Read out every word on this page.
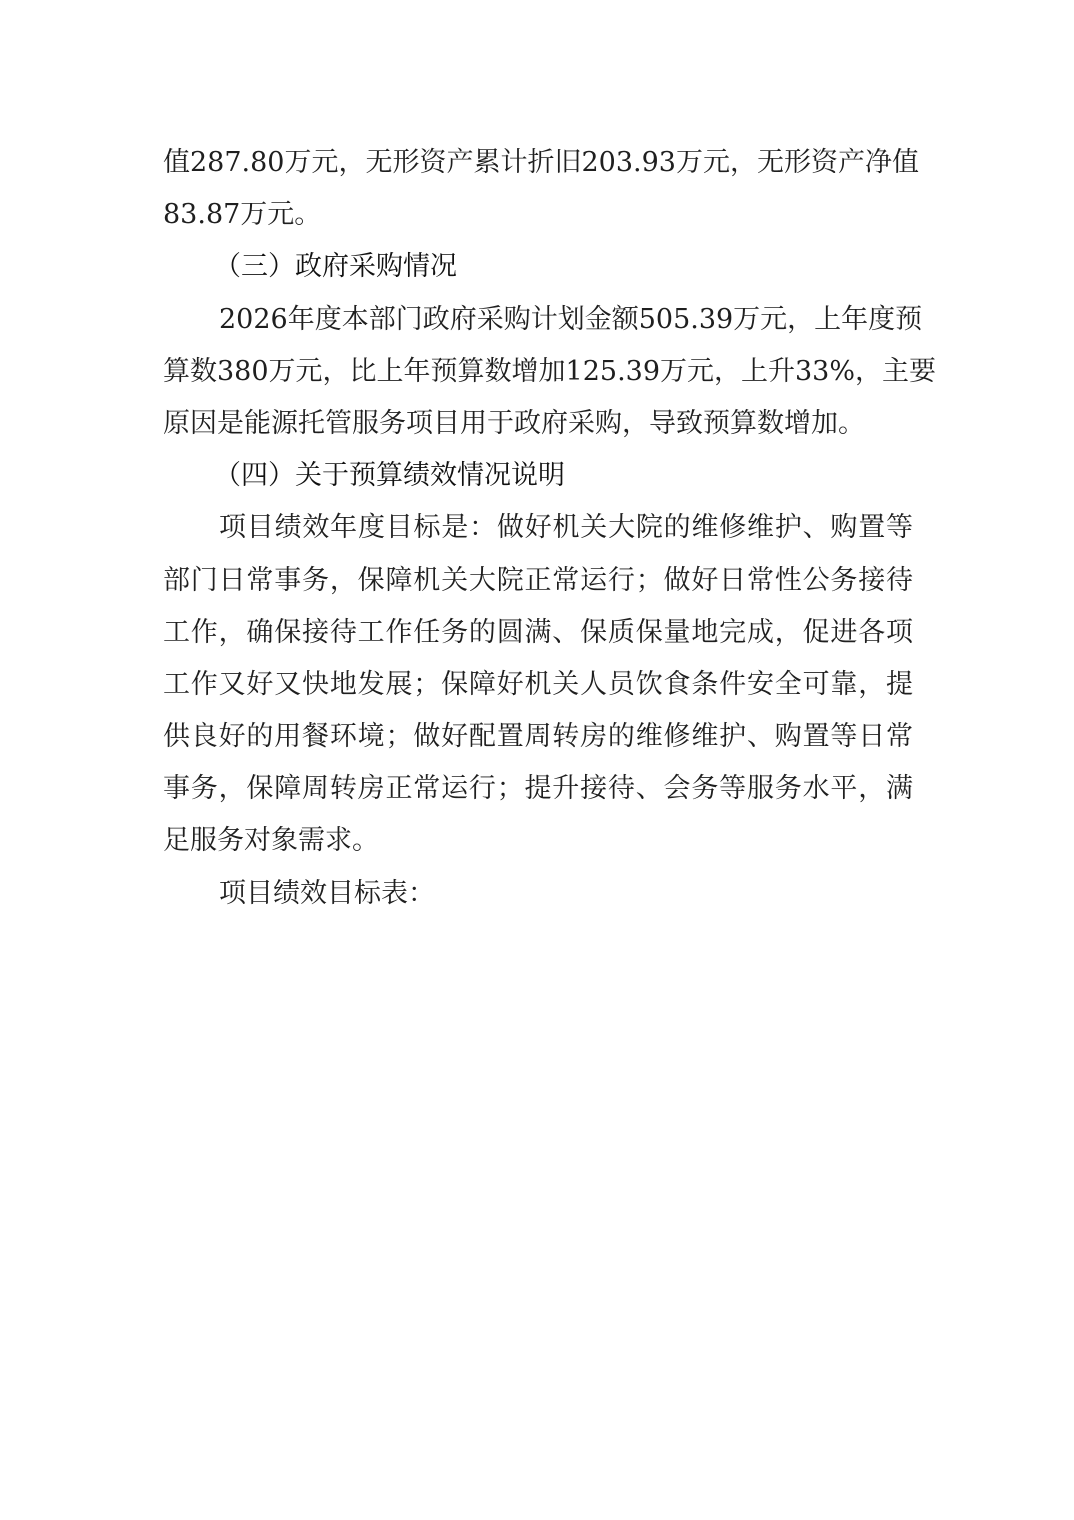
值287.80万元，无形资产累计折旧203.93万元，无形资产净值
83.87万元。
（三）政府采购情况
2026年度本部门政府采购计划金额505.39万元，上年度预
算数380万元，比上年预算数增加125.39万元，上升33%，主要
原因是能源托管服务项目用于政府采购，导致预算数增加。
（四）关于预算绩效情况说明
项目绩效年度目标是：做好机关大院的维修维护、购置等
部门日常事务，保障机关大院正常运行；做好日常性公务接待
工作，确保接待工作任务的圆满、保质保量地完成，促进各项
工作又好又快地发展；保障好机关人员饮食条件安全可靠，提
供良好的用餐环境；做好配置周转房的维修维护、购置等日常
事务，保障周转房正常运行；提升接待、会务等服务水平，满
足服务对象需求。
项目绩效目标表：
